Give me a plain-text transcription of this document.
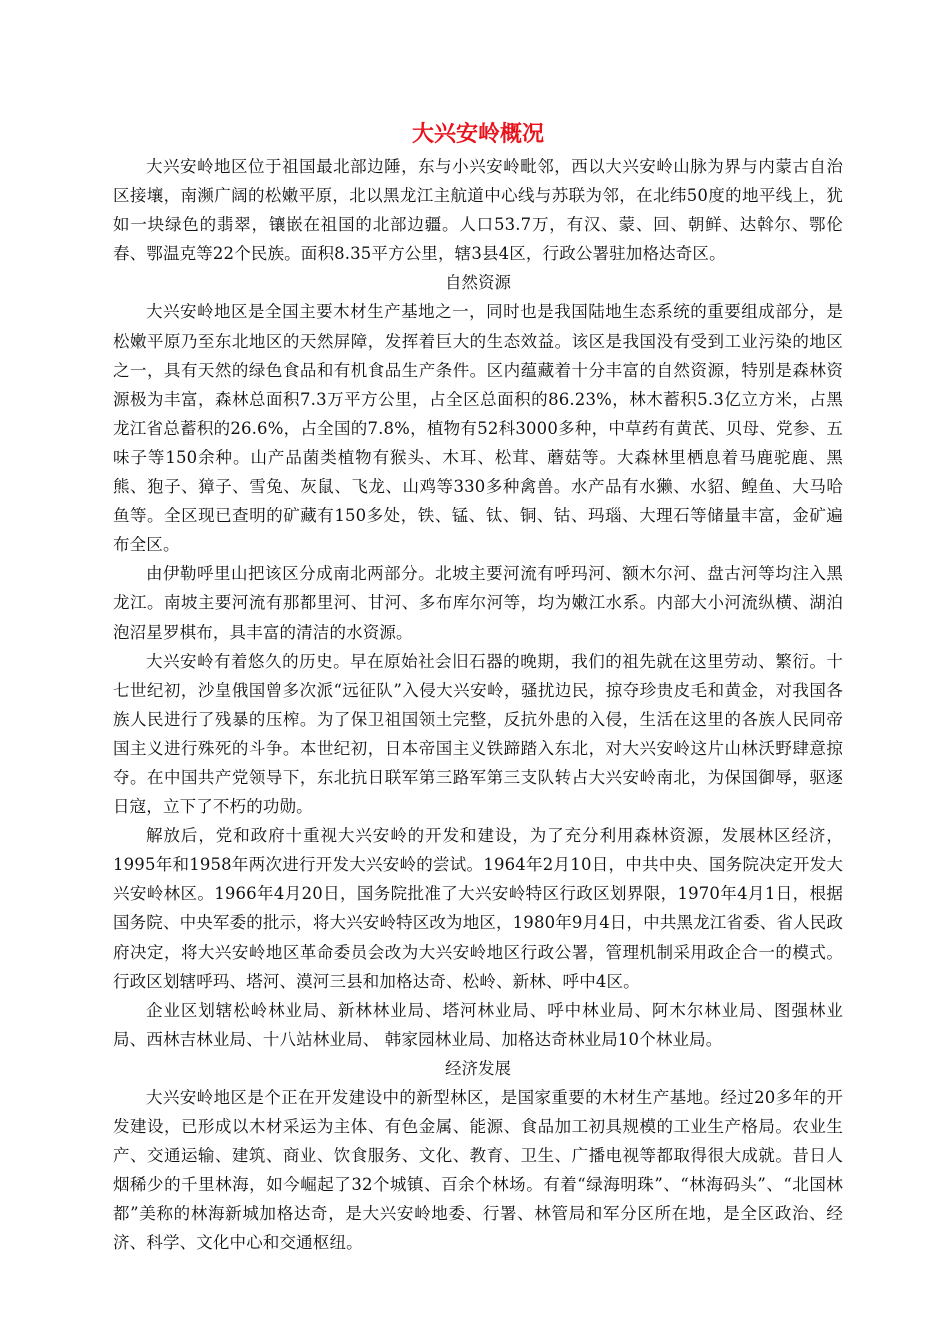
大兴安岭概况

大兴安岭地区位于祖国最北部边陲，东与小兴安岭毗邻，西以大兴安岭山脉为界与内蒙古自治区接壤，南濒广阔的松嫩平原，北以黑龙江主航道中心线与苏联为邻，在北纬50度的地平线上，犹如一块绿色的翡翠，镶嵌在祖国的北部边疆。人口53.7万，有汉、蒙、回、朝鲜、达斡尔、鄂伦春、鄂温克等22个民族。面积8.35平方公里，辖3县4区，行政公署驻加格达奇区。

自然资源

大兴安岭地区是全国主要木材生产基地之一，同时也是我国陆地生态系统的重要组成部分，是松嫩平原乃至东北地区的天然屏障，发挥着巨大的生态效益。该区是我国没有受到工业污染的地区之一，具有天然的绿色食品和有机食品生产条件。区内蕴藏着十分丰富的自然资源，特别是森林资源极为丰富，森林总面积7.3万平方公里，占全区总面积的86.23%，林木蓄积5.3亿立方米，占黑龙江省总蓄积的26.6%，占全国的7.8%，植物有52科3000多种，中草药有黄芪、贝母、党参、五味子等150余种。山产品菌类植物有猴头、木耳、松茸、蘑菇等。大森林里栖息着马鹿驼鹿、黑熊、狍子、獐子、雪兔、灰鼠、飞龙、山鸡等330多种禽兽。水产品有水獭、水貂、鳇鱼、大马哈鱼等。全区现已查明的矿藏有150多处，铁、锰、钛、铜、钴、玛瑙、大理石等储量丰富，金矿遍布全区。

由伊勒呼里山把该区分成南北两部分。北坡主要河流有呼玛河、额木尔河、盘古河等均注入黑龙江。南坡主要河流有那都里河、甘河、多布库尔河等，均为嫩江水系。内部大小河流纵横、湖泊泡沼星罗棋布，具丰富的清洁的水资源。

大兴安岭有着悠久的历史。早在原始社会旧石器的晚期，我们的祖先就在这里劳动、繁衍。十七世纪初，沙皇俄国曾多次派“远征队”入侵大兴安岭，骚扰边民，掠夺珍贵皮毛和黄金，对我国各族人民进行了残暴的压榨。为了保卫祖国领土完整，反抗外患的入侵，生活在这里的各族人民同帝国主义进行殊死的斗争。本世纪初，日本帝国主义铁蹄踏入东北，对大兴安岭这片山林沃野肆意掠夺。在中国共产党领导下，东北抗日联军第三路军第三支队转占大兴安岭南北，为保国御辱，驱逐日寇，立下了不朽的功勋。

解放后，党和政府十重视大兴安岭的开发和建设，为了充分利用森林资源，发展林区经济，1995年和1958年两次进行开发大兴安岭的尝试。1964年2月10日，中共中央、国务院决定开发大兴安岭林区。1966年4月20日，国务院批准了大兴安岭特区行政区划界限，1970年4月1日，根据国务院、中央军委的批示，将大兴安岭特区改为地区，1980年9月4日，中共黑龙江省委、省人民政府决定，将大兴安岭地区革命委员会改为大兴安岭地区行政公署，管理机制采用政企合一的模式。行政区划辖呼玛、塔河、漠河三县和加格达奇、松岭、新林、呼中4区。

企业区划辖松岭林业局、新林林业局、塔河林业局、呼中林业局、阿木尔林业局、图强林业局、西林吉林业局、十八站林业局、 韩家园林业局、加格达奇林业局10个林业局。

经济发展

大兴安岭地区是个正在开发建设中的新型林区，是国家重要的木材生产基地。经过20多年的开发建设，已形成以木材采运为主体、有色金属、能源、食品加工初具规模的工业生产格局。农业生产、交通运输、建筑、商业、饮食服务、文化、教育、卫生、广播电视等都取得很大成就。昔日人烟稀少的千里林海，如今崛起了32个城镇、百余个林场。有着“绿海明珠”、“林海码头”、“北国林都”美称的林海新城加格达奇，是大兴安岭地委、行署、林管局和军分区所在地，是全区政治、经济、科学、文化中心和交通枢纽。
